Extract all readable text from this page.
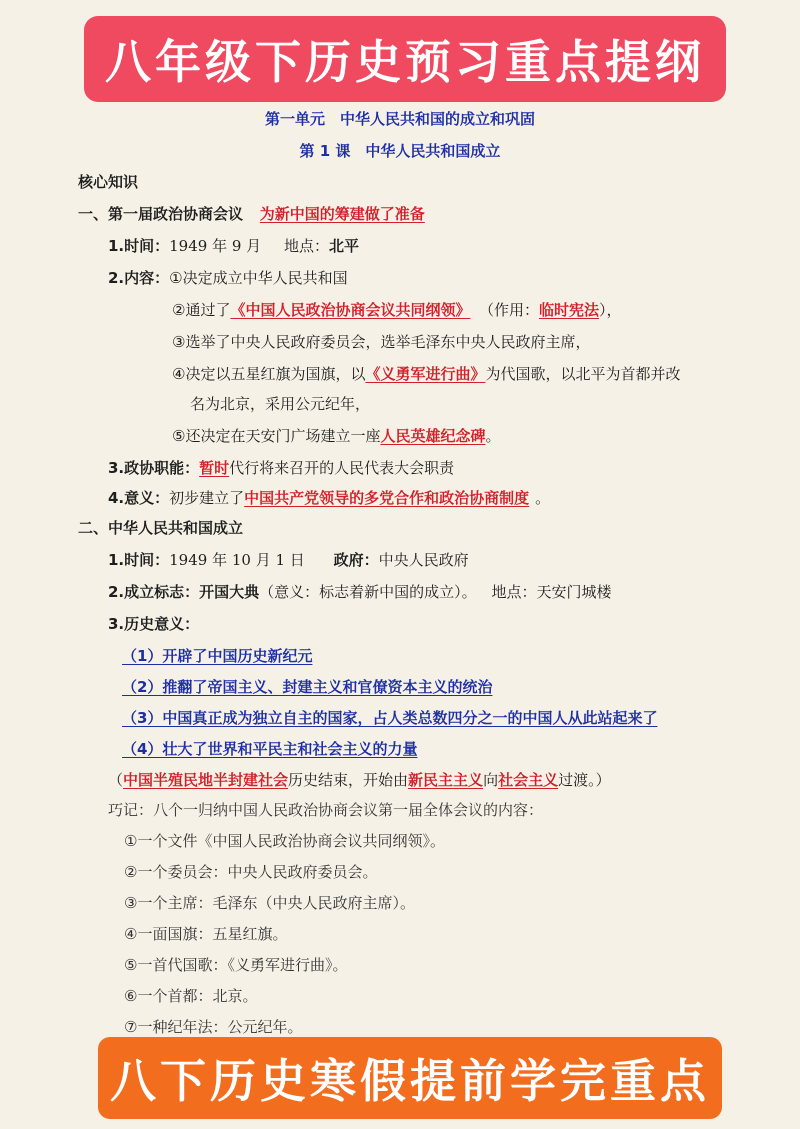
八年级下历史预习重点提纲
第一单元　中华人民共和国的成立和巩固
第 1 课　中华人民共和国成立
核心知识
一、第一届政治协商会议 为新中国的筹建做了准备
1.时间：1949 年 9 月 地点：北平
2.内容：①决定成立中华人民共和国
②通过了《中国人民政治协商会议共同纲领》 （作用：临时宪法），
③选举了中央人民政府委员会，选举毛泽东中央人民政府主席，
④决定以五星红旗为国旗，以《义勇军进行曲》为代国歌，以北平为首都并改
名为北京，采用公元纪年，
⑤还决定在天安门广场建立一座人民英雄纪念碑。
3.政协职能：暂时代行将来召开的人民代表大会职责
4.意义：初步建立了中国共产党领导的多党合作和政治协商制度 。
二、中华人民共和国成立
1.时间：1949 年 10 月 1 日 政府：中央人民政府
2.成立标志：开国大典（意义：标志着新中国的成立）。 地点：天安门城楼
3.历史意义：
（1）开辟了中国历史新纪元
（2）推翻了帝国主义、封建主义和官僚资本主义的统治
（3）中国真正成为独立自主的国家，占人类总数四分之一的中国人从此站起来了
（4）壮大了世界和平民主和社会主义的力量
（中国半殖民地半封建社会历史结束，开始由新民主主义向社会主义过渡。）
巧记：八个一归纳中国人民政治协商会议第一届全体会议的内容：
①一个文件《中国人民政治协商会议共同纲领》。
②一个委员会：中央人民政府委员会。
③一个主席：毛泽东（中央人民政府主席）。
④一面国旗：五星红旗。
⑤一首代国歌：《义勇军进行曲》。
⑥一个首都：北京。
⑦一种纪年法：公元纪年。
八下历史寒假提前学完重点
